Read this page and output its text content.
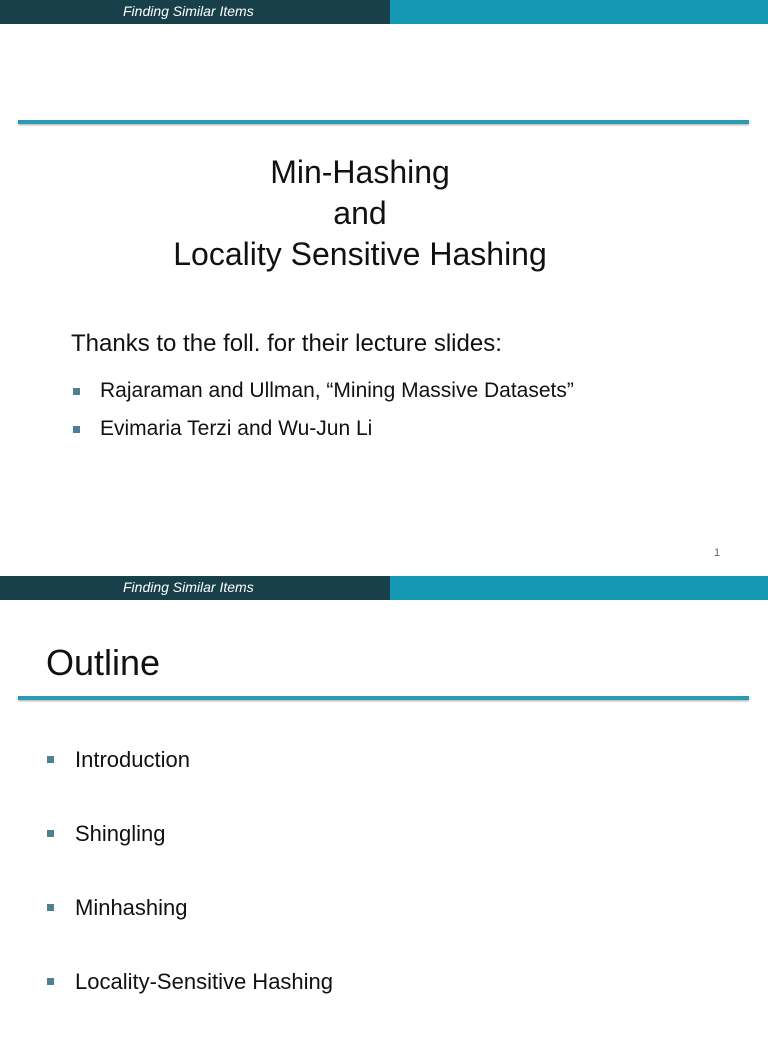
Finding Similar Items
Min-Hashing
and
Locality Sensitive Hashing
Thanks to the foll. for their lecture slides:
Rajaraman and Ullman, “Mining Massive Datasets”
Evimaria Terzi and Wu-Jun Li
1
Finding Similar Items
Outline
Introduction
Shingling
Minhashing
Locality-Sensitive Hashing
